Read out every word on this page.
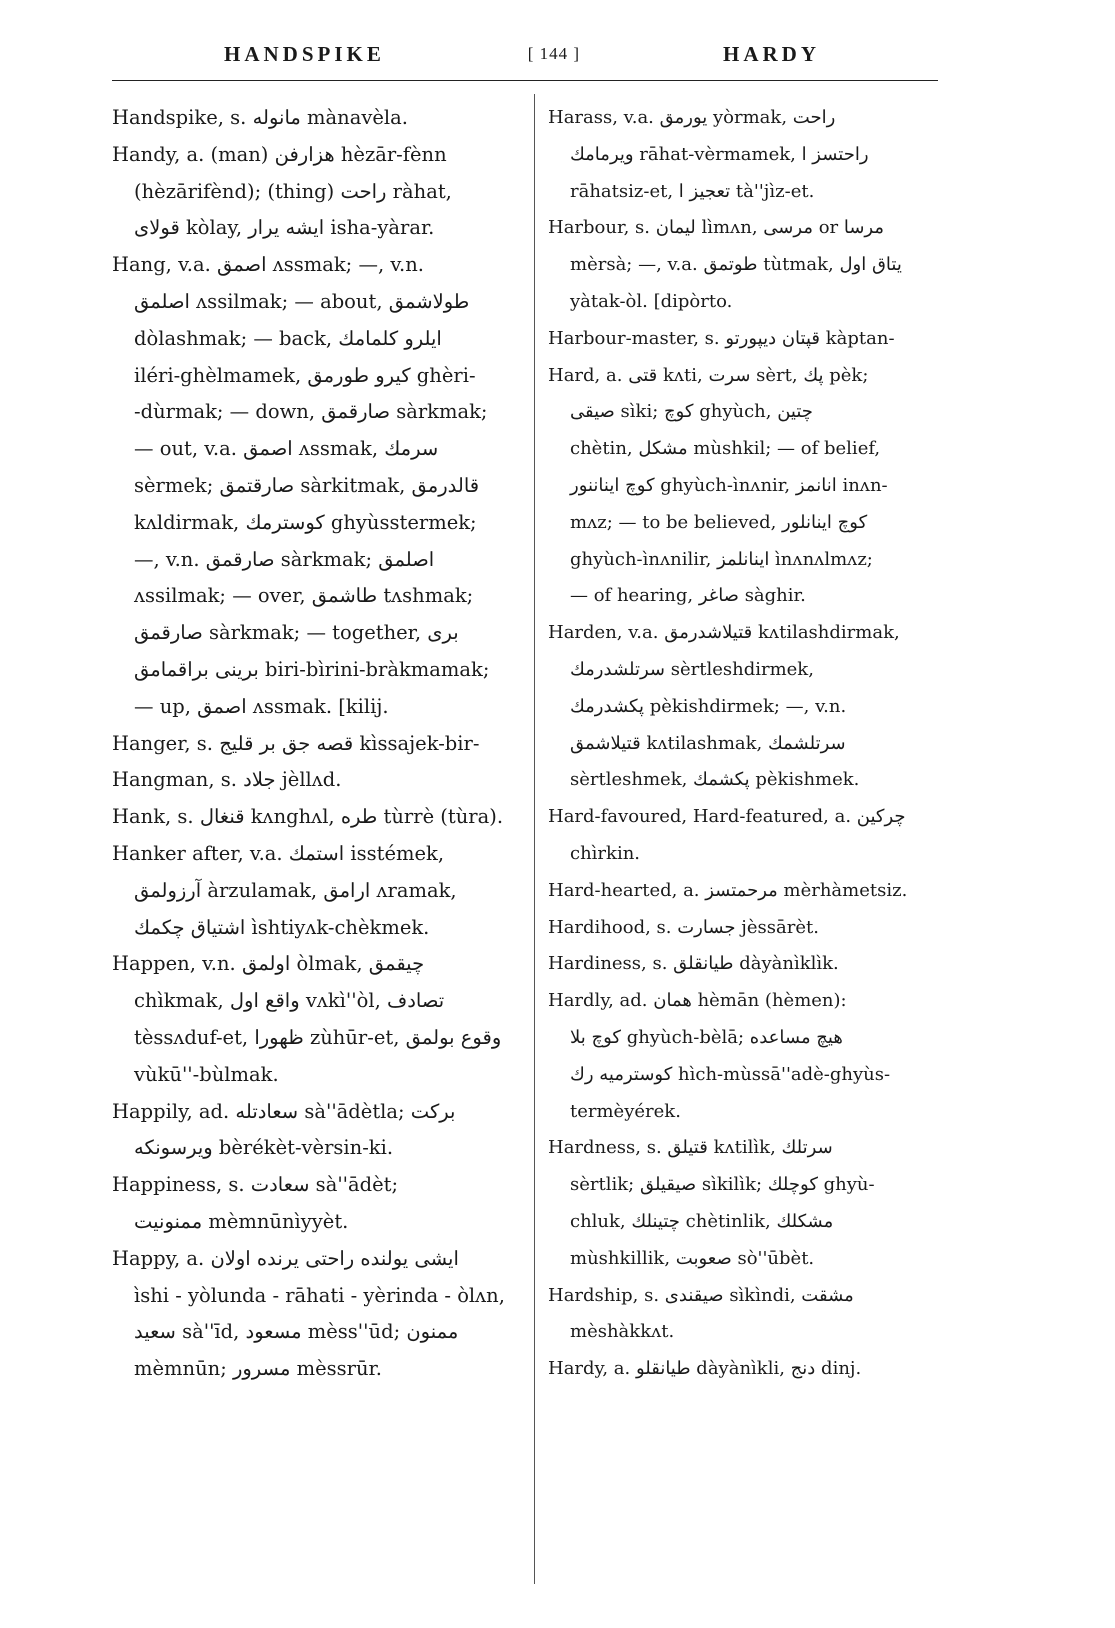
HANDSPIKE	[ 144 ]	HARDY
Handspike, s. مانوله mànavèla.
Handy, a. (man) هزارفن hèzār-fènn
(hèzārifènd); (thing) راحت ràhat,
قولای kòlay, ایشه یرار isha-yàrar.
Hang, v.a. اصمق ʌssmak; —, v.n.
اصلمق ʌssilmak; — about, طولاشمق
dòlashmak; — back, ایلرو کلمامك
iléri-ghèlmamek, کیرو طورمق ghèri-
-dùrmak; — down, صارقمق sàrkmak;
— out, v.a. اصمق ʌssmak, سرمك
sèrmek; صارقتمق sàrkitmak, قالدرمق
kʌldirmak, کوسترمك ghyùsstermek;
—, v.n. صارقمق sàrkmak; اصلمق
ʌssilmak; — over, طاشمق tʌshmak;
صارقمق sàrkmak; — together, برى
برینی براقمامق biri-bìrini-bràkmamak;
— up, اصمق ʌssmak. [kilij.
Hanger, s. قصه جق بر قلیج kìssajek-bir-
Hangman, s. جلاد jèllʌd.
Hank, s. قنغال kʌnghʌl, طره tùrrè (tùra).
Hanker after, v.a. استمك isstémek,
آرزولمق àrzulamak, ارامق ʌramak,
اشتیاق چکمك ìshtiyʌk-chèkmek.
Happen, v.n. اولمق òlmak, چیقمق
chìkmak, واقع اول vʌkì''òl, تصادف
tèssʌduf-et, ظهورا zùhūr-et, وقوع بولمق
vùkū''-bùlmak.
Happily, ad. سعادتله sà''ādètla; برکت
ویرسونکه bèrékèt-vèrsin-ki.
Happiness, s. سعادت sà''ādèt;
ممنونیت mèmnūnìyyèt.
Happy, a. ایشی یولنده راحتی یرنده اولان
ìshi - yòlunda - rāhati - yèrinda - òlʌn,
سعید sà''īd, مسعود mèss''ūd; ممنون
mèmnūn; مسرور mèssrūr.
Harass, v.a. یورمق yòrmak, راحت
ویرمامك rāhat-vèrmamek, راحتسز ا
rāhatsiz-et, تعجیز ا tà''jìz-et.
Harbour, s. لیمان lìmʌn, مرسی or مرسا
mèrsà; —, v.a. طوتمق tùtmak, یتاق اول
yàtak-òl. [dipòrto.
Harbour-master, s. قپتان دیپورتو kàptan-
Hard, a. قتی kʌti, سرت sèrt, پك pèk;
صیقی sìki; کوچ ghyùch, چتین
chètin, مشکل mùshkil; — of belief,
کوچ ایناننور ghyùch-ìnʌnir, انانمز inʌn-
mʌz; — to be believed, کوچ اینانلور
ghyùch-ìnʌnilir, اینانلمز ìnʌnʌlmʌz;
— of hearing, صاغر sàghir.
Harden, v.a. قتیلاشدرمق kʌtilashdirmak,
سرتلشدرمك sèrtleshdirmek,
پکشدرمك pèkishdirmek; —, v.n.
قتیلاشمق kʌtilashmak, سرتلشمك
sèrtleshmek, پکشمك pèkishmek.
Hard-favoured, Hard-featured, a. چرکین
chìrkin.
Hard-hearted, a. مرحمتسز mèrhàmetsiz.
Hardihood, s. جسارت jèssārèt.
Hardiness, s. طیانقلق dàyànìklìk.
Hardly, ad. همان hèmān (hèmen):
کوچ بلا ghyùch-bèlā; هیچ مساعده
کوسترمیه رك hìch-mùssā''adè-ghyùs-
termèyérek.
Hardness, s. قتیلق kʌtilìk, سرتلك
sèrtlik; صیقیلق sìkilìk; کوچلك ghyù-
chluk, چتینلك chètinlik, مشکلك
mùshkillik, صعوبت sò''ūbèt.
Hardship, s. صیقندی sìkìndi, مشقت
mèshàkkʌt.
Hardy, a. طیانقلو dàyànìkli, دنج dinj.
